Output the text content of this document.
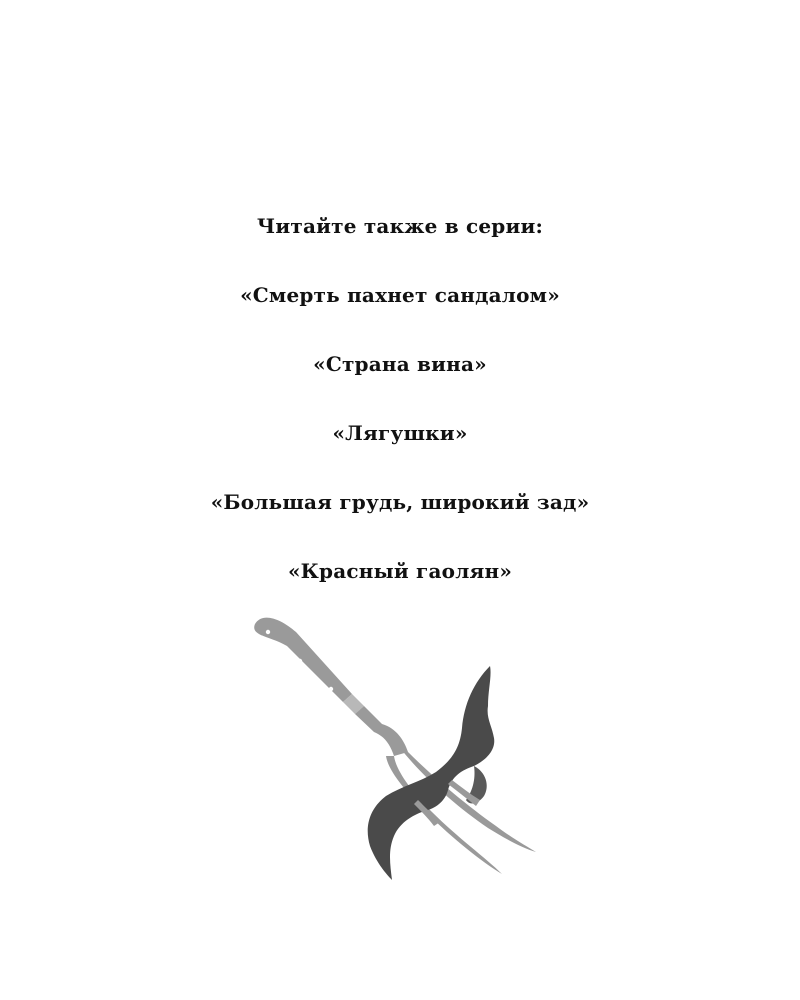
Читайте также в серии:
«Смерть пахнет сандалом»
«Страна вина»
«Лягушки»
«Большая грудь, широкий зад»
«Красный гаолян»
